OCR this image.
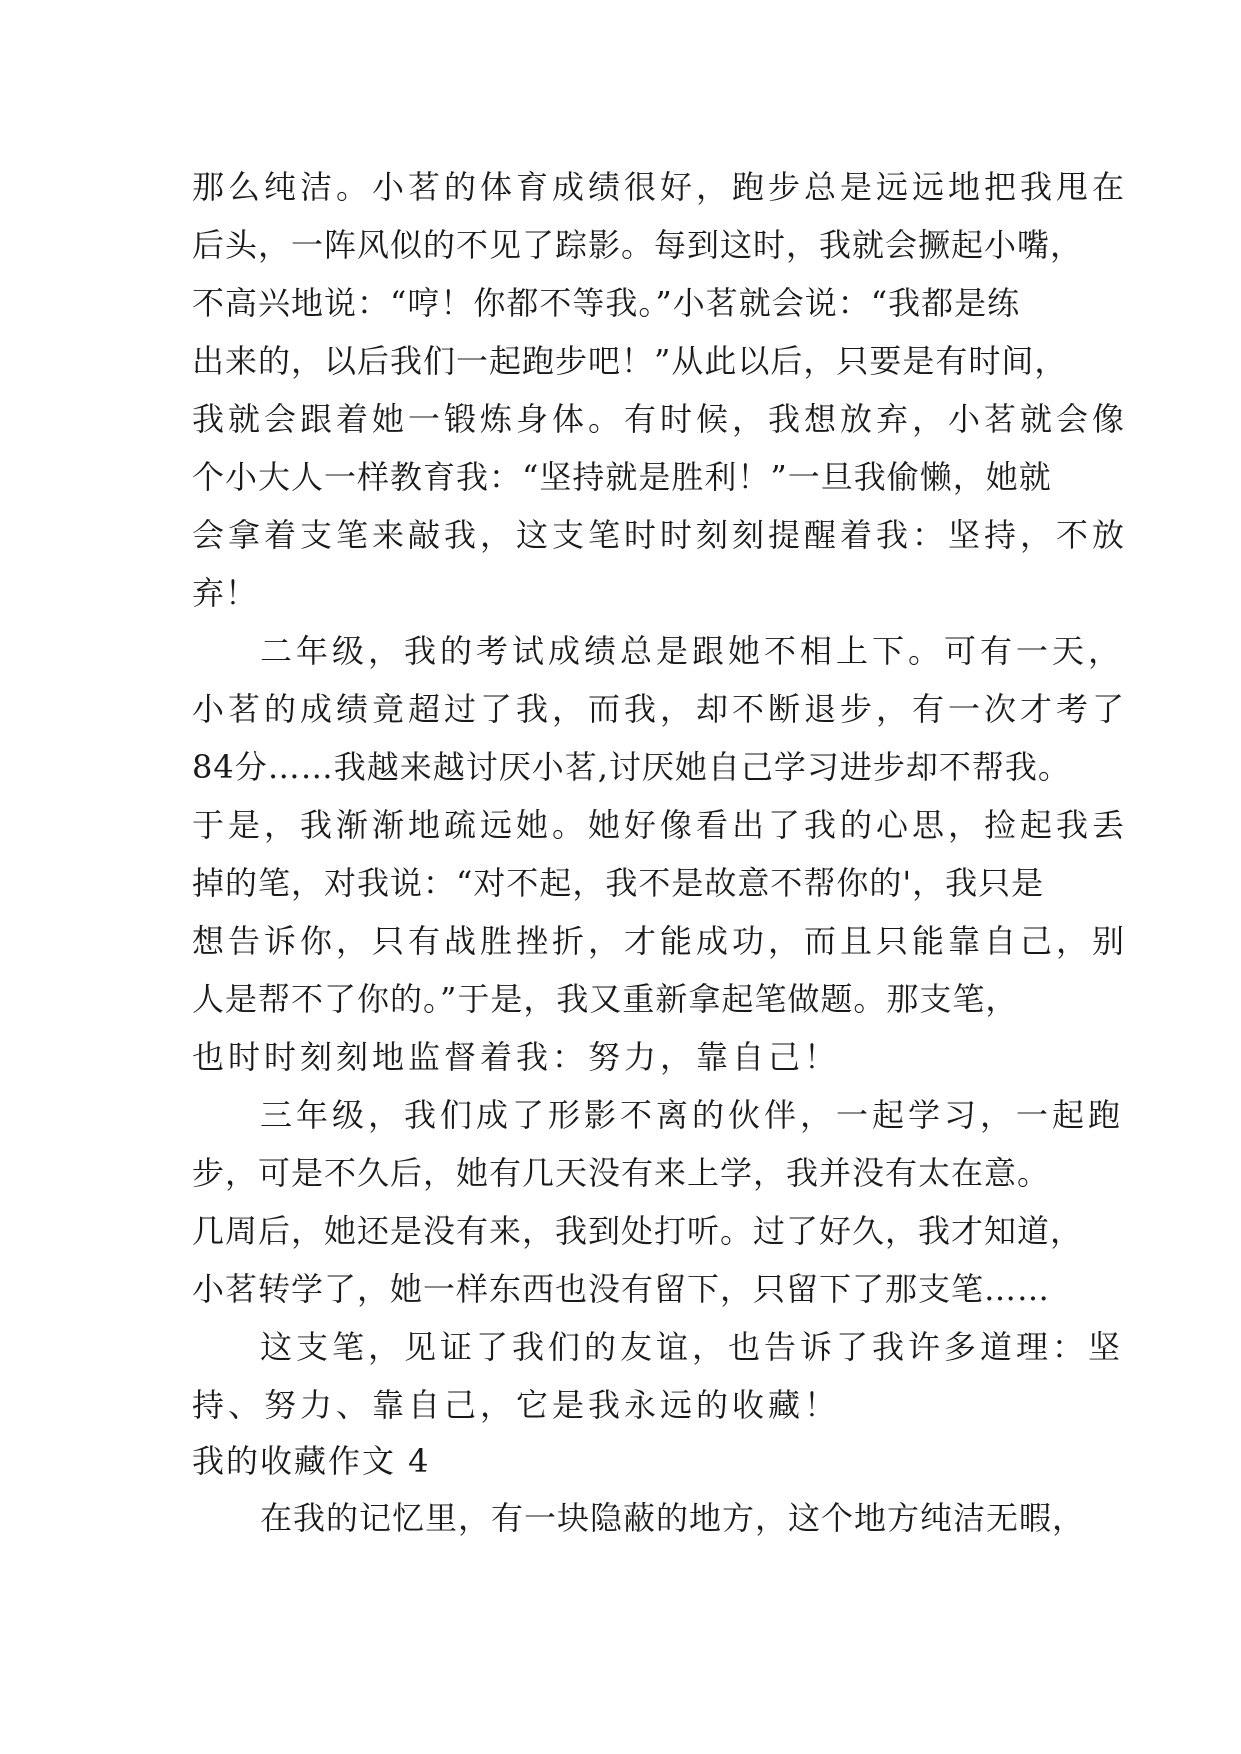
那么纯洁。小茗的体育成绩很好，跑步总是远远地把我甩在
后头，一阵风似的不见了踪影。每到这时，我就会撅起小嘴，
不高兴地说：“哼！你都不等我。”小茗就会说：“我都是练
出来的，以后我们一起跑步吧！”从此以后，只要是有时间，
我就会跟着她一锻炼身体。有时候，我想放弃，小茗就会像
个小大人一样教育我：“坚持就是胜利！”一旦我偷懒，她就
会拿着支笔来敲我，这支笔时时刻刻提醒着我：坚持，不放
弃！
二年级，我的考试成绩总是跟她不相上下。可有一天，
小茗的成绩竟超过了我，而我，却不断退步，有一次才考了
84分……我越来越讨厌小茗,讨厌她自己学习进步却不帮我。
于是，我渐渐地疏远她。她好像看出了我的心思，捡起我丢
掉的笔，对我说：“对不起，我不是故意不帮你的'，我只是
想告诉你，只有战胜挫折，才能成功，而且只能靠自己，别
人是帮不了你的。”于是，我又重新拿起笔做题。那支笔，
也时时刻刻地监督着我：努力，靠自己！
三年级，我们成了形影不离的伙伴，一起学习，一起跑
步，可是不久后，她有几天没有来上学，我并没有太在意。
几周后，她还是没有来，我到处打听。过了好久，我才知道，
小茗转学了，她一样东西也没有留下，只留下了那支笔……
这支笔，见证了我们的友谊，也告诉了我许多道理：坚
持、努力、靠自己，它是我永远的收藏！
我的收藏作文 4
在我的记忆里，有一块隐蔽的地方，这个地方纯洁无暇，
